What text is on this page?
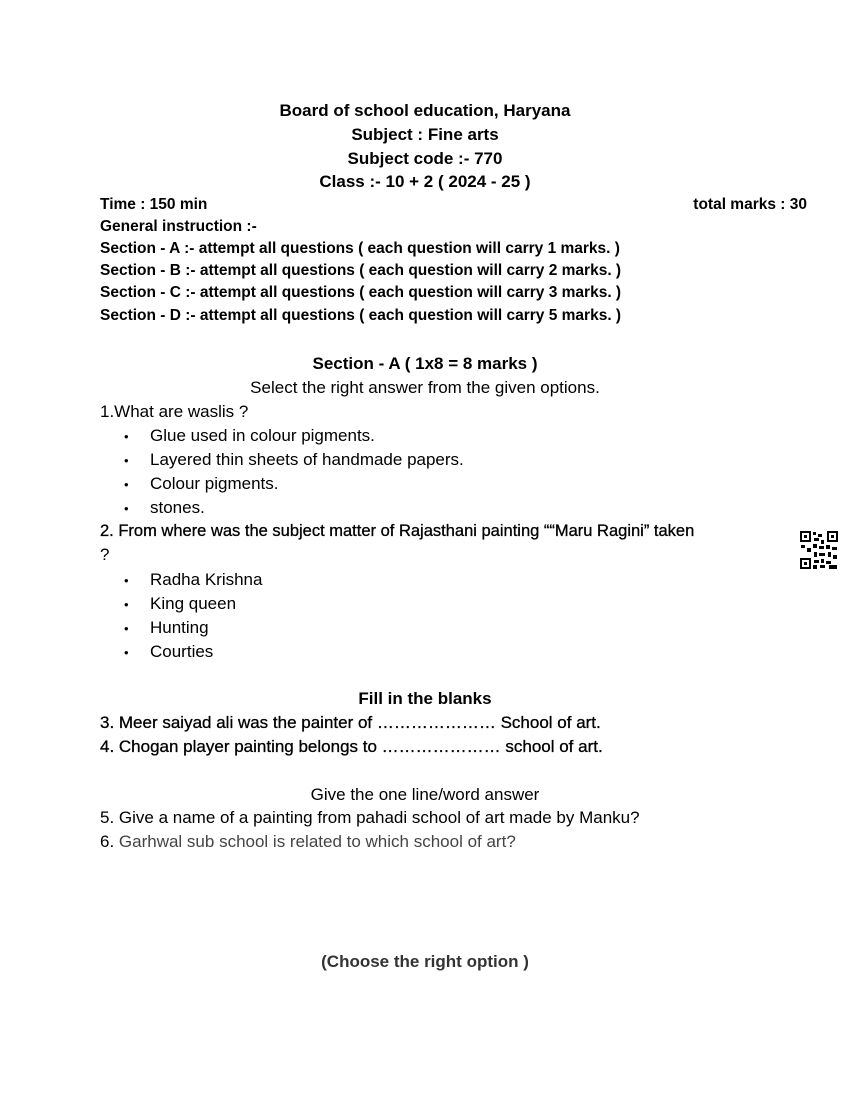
Board of school education, Haryana
Subject : Fine arts
Subject code :- 770
Class :- 10 + 2 ( 2024 - 25 )
Time : 150 min	total marks : 30
General instruction :-
Section - A :- attempt all questions ( each question will carry 1 marks. )
Section - B :- attempt all questions ( each question will carry 2 marks. )
Section - C :- attempt all questions ( each question will carry 3 marks. )
Section - D :- attempt all questions ( each question will carry 5 marks. )
Section - A ( 1x8 = 8 marks )
Select the right answer from the given options.
1.What are waslis ?
• Glue used in colour pigments.
• Layered thin sheets of handmade papers.
• Colour pigments.
• stones.
2. From where was the subject matter of Rajasthani painting ““Maru Ragini” taken
?
• Radha Krishna
• King queen
• Hunting
• Courties
Fill in the blanks
3. Meer saiyad ali was the painter of ………………… School of art.
4. Chogan player painting belongs to ………………… school of art.
Give the one line/word answer
5. Give a name of a painting from pahadi school of art made by Manku?
6. Garhwal sub school is related to which school of art?
(Choose the right option )
